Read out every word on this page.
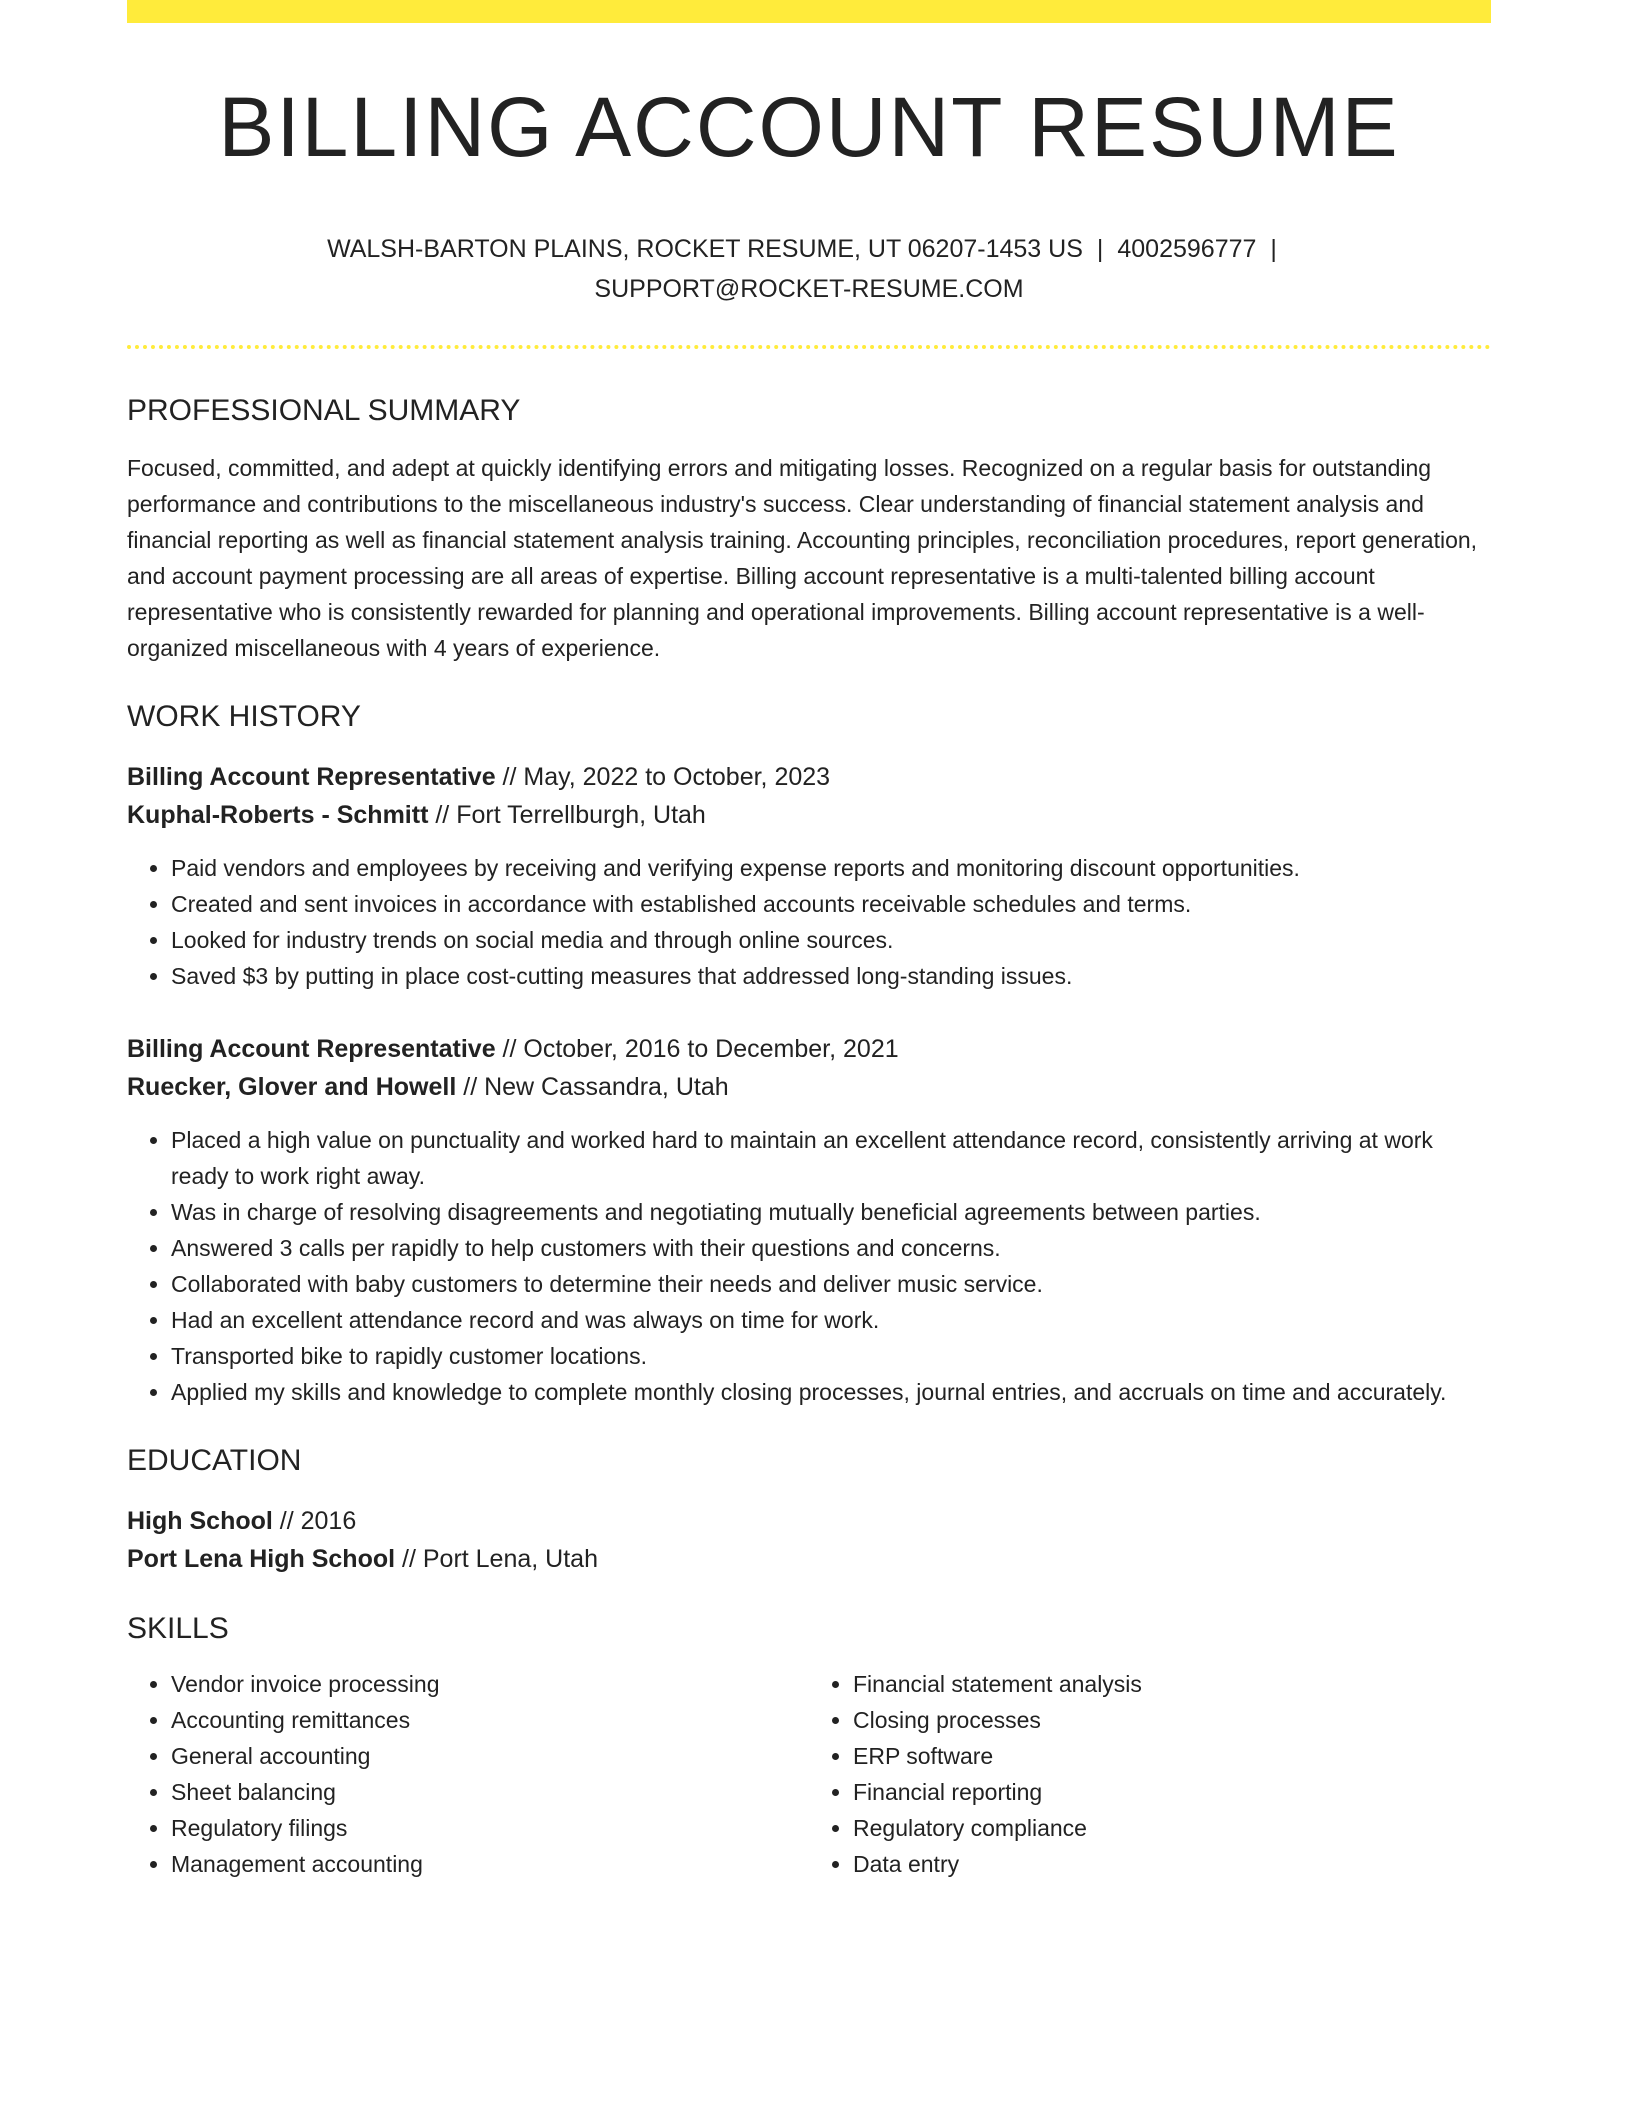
BILLING ACCOUNT RESUME
WALSH-BARTON PLAINS, ROCKET RESUME, UT 06207-1453 US | 4002596777 |
SUPPORT@ROCKET-RESUME.COM
PROFESSIONAL SUMMARY
Focused, committed, and adept at quickly identifying errors and mitigating losses. Recognized on a regular basis for outstanding performance and contributions to the miscellaneous industry's success. Clear understanding of financial statement analysis and financial reporting as well as financial statement analysis training. Accounting principles, reconciliation procedures, report generation, and account payment processing are all areas of expertise. Billing account representative is a multi-talented billing account representative who is consistently rewarded for planning and operational improvements. Billing account representative is a well-organized miscellaneous with 4 years of experience.
WORK HISTORY
Billing Account Representative // May, 2022 to October, 2023
Kuphal-Roberts - Schmitt // Fort Terrellburgh, Utah
• Paid vendors and employees by receiving and verifying expense reports and monitoring discount opportunities.
• Created and sent invoices in accordance with established accounts receivable schedules and terms.
• Looked for industry trends on social media and through online sources.
• Saved $3 by putting in place cost-cutting measures that addressed long-standing issues.
Billing Account Representative // October, 2016 to December, 2021
Ruecker, Glover and Howell // New Cassandra, Utah
• Placed a high value on punctuality and worked hard to maintain an excellent attendance record, consistently arriving at work ready to work right away.
• Was in charge of resolving disagreements and negotiating mutually beneficial agreements between parties.
• Answered 3 calls per rapidly to help customers with their questions and concerns.
• Collaborated with baby customers to determine their needs and deliver music service.
• Had an excellent attendance record and was always on time for work.
• Transported bike to rapidly customer locations.
• Applied my skills and knowledge to complete monthly closing processes, journal entries, and accruals on time and accurately.
EDUCATION
High School // 2016
Port Lena High School // Port Lena, Utah
SKILLS
• Vendor invoice processing
• Accounting remittances
• General accounting
• Sheet balancing
• Regulatory filings
• Management accounting
• Financial statement analysis
• Closing processes
• ERP software
• Financial reporting
• Regulatory compliance
• Data entry
